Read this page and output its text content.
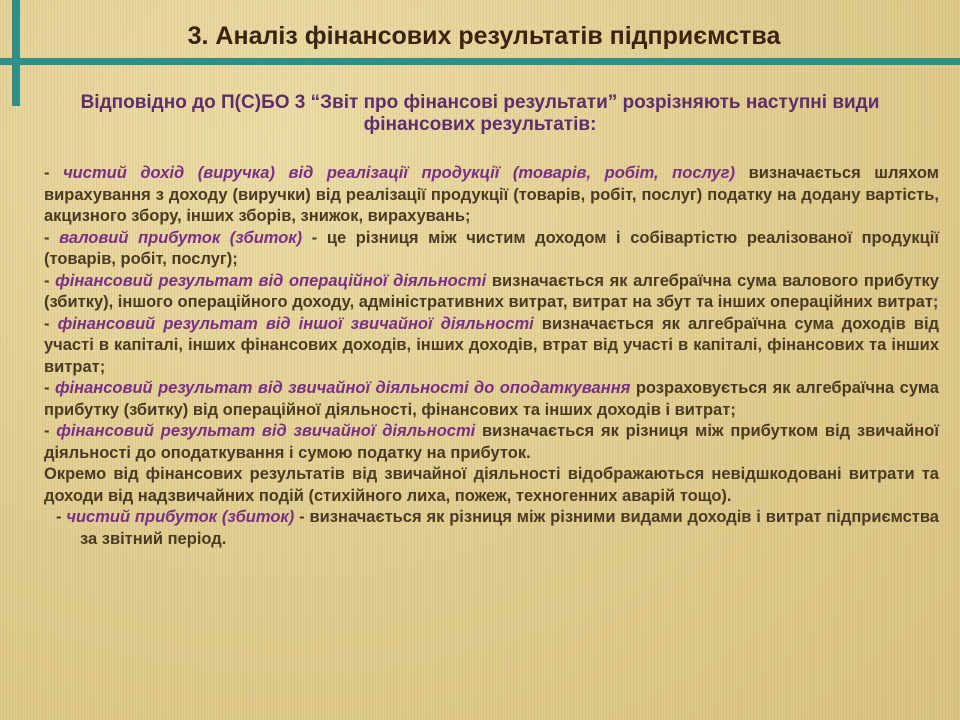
3. Аналіз фінансових результатів підприємства

Відповідно до П(С)БО 3 “Звіт про фінансові результати” розрізняють наступні види фінансових результатів:

- чистий дохід (виручка) від реалізації продукції (товарів, робіт, послуг) визначається шляхом вирахування з доходу (виручки) від реалізації продукції (товарів, робіт, послуг) податку на додану вартість, акцизного збору, інших зборів, знижок, вирахувань;

- валовий прибуток (збиток) - це різниця між чистим доходом і собівартістю реалізованої продукції (товарів, робіт, послуг);

- фінансовий результат від операційної діяльності визначається як алгебраїчна сума валового прибутку (збитку), іншого операційного доходу, адміністративних витрат, витрат на збут та інших операційних витрат;

- фінансовий результат від іншої звичайної діяльності визначається як алгебраїчна сума доходів від участі в капіталі, інших фінансових доходів, інших доходів, втрат від участі в капіталі, фінансових та інших витрат;

- фінансовий результат від звичайної діяльності до оподаткування розраховується як алгебраїчна сума прибутку (збитку) від операційної діяльності, фінансових та інших доходів і витрат;

- фінансовий результат від звичайної діяльності визначається як різниця між прибутком від звичайної діяльності до оподаткування і сумою податку на прибуток.

Окремо від фінансових результатів від звичайної діяльності відображаються невідшкодовані витрати та доходи від надзвичайних подій (стихійного лиха, пожеж, техногенних аварій тощо).

- чистий прибуток (збиток) - визначається як різниця між різними видами доходів і витрат підприємства за звітний період.
